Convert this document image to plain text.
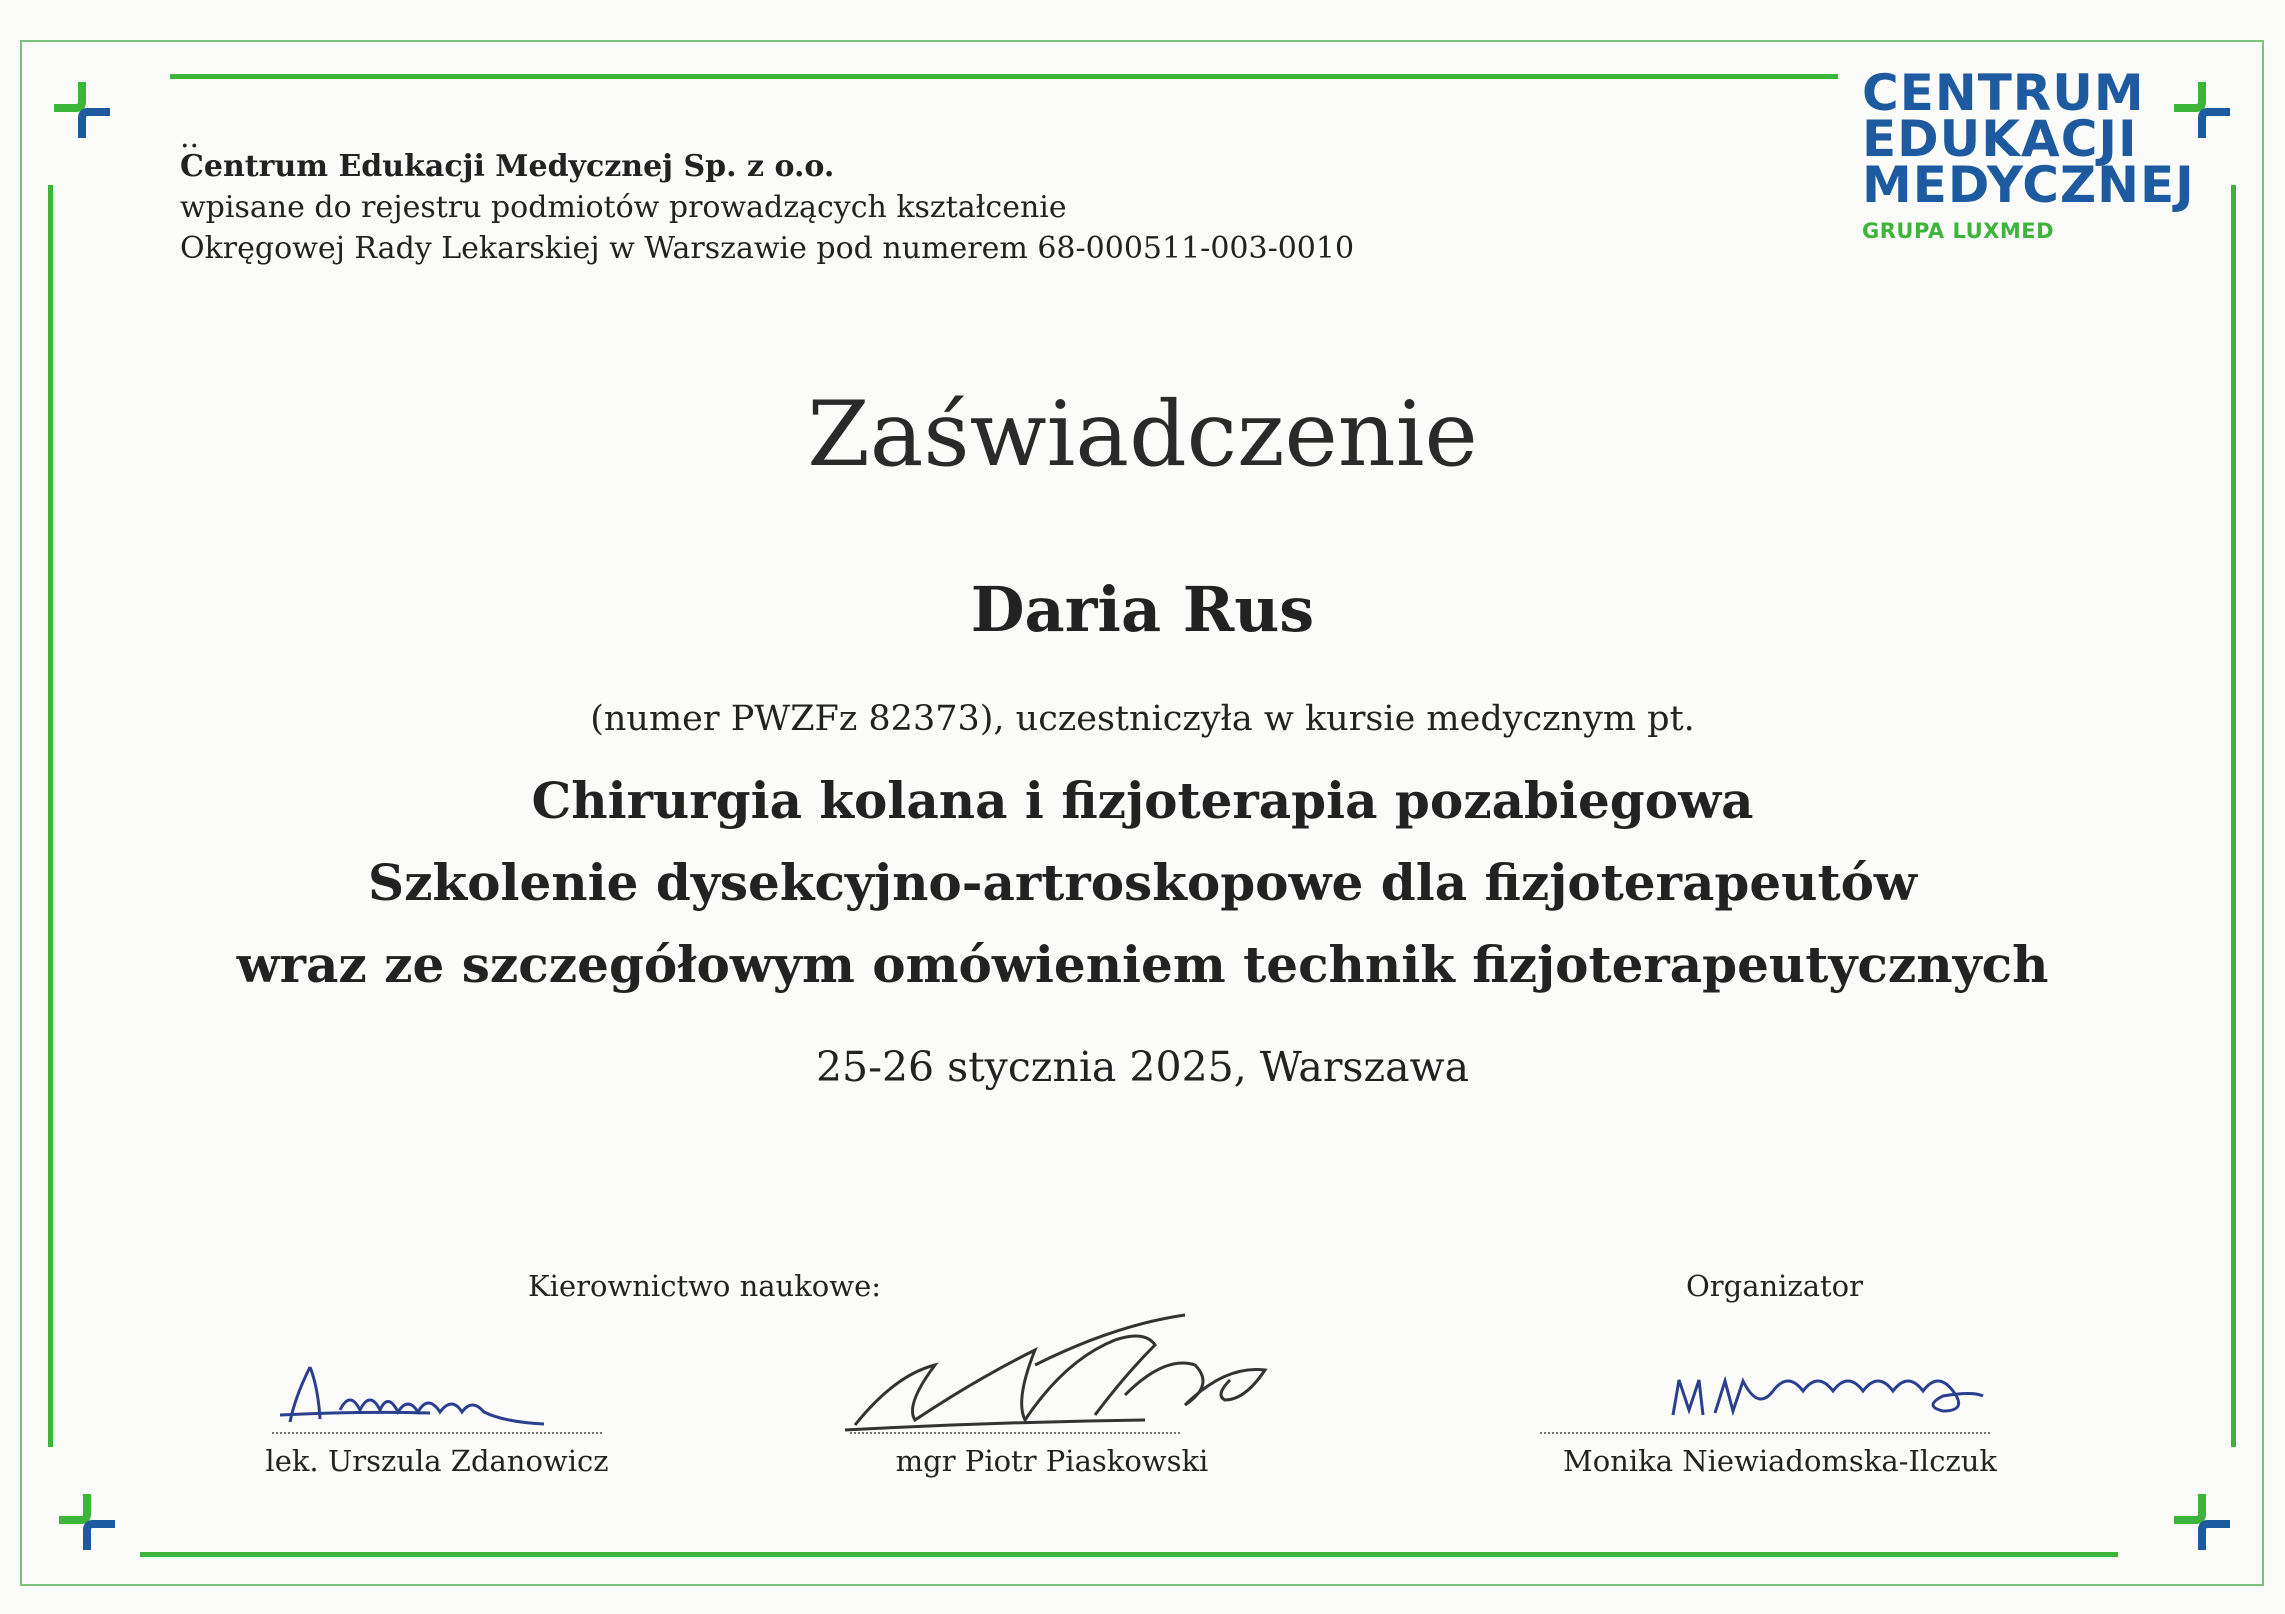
..
Centrum Edukacji Medycznej Sp. z o.o.
wpisane do rejestru podmiotów prowadzących kształcenie
Okręgowej Rady Lekarskiej w Warszawie pod numerem 68-000511-003-0010
CENTRUM
EDUKACJI
MEDYCZNEJ
GRUPA LUXMED
Zaświadczenie
Daria Rus
(numer PWZFz 82373), uczestniczyła w kursie medycznym pt.
Chirurgia kolana i fizjoterapia pozabiegowa
Szkolenie dysekcyjno-artroskopowe dla fizjoterapeutów
wraz ze szczegółowym omówieniem technik fizjoterapeutycznych
25-26 stycznia 2025, Warszawa
Kierownictwo naukowe:	Organizator
lek. Urszula Zdanowicz	mgr Piotr Piaskowski	Monika Niewiadomska-Ilczuk
